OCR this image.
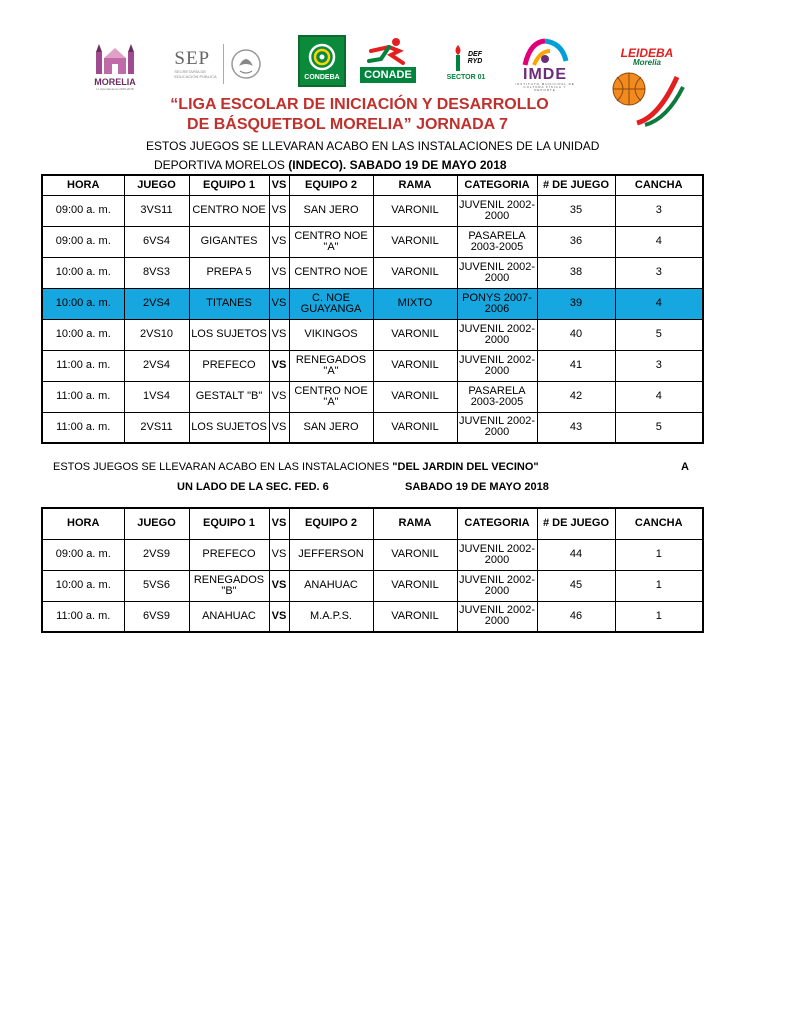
MORELIA
H. Ayuntamiento 2015-2018
SEP
SECRETARÍA DE
EDUCACIÓN PÚBLICA	CONDEBA	CONADE
DEF
RYD
SECTOR 01 IMDE
INSTITUTO MUNICIPAL DE CULTURA FÍSICA Y DEPORTE
LEIDEBA
Morelia
“LIGA ESCOLAR DE INICIACIÓN Y DESARROLLO
DE BÁSQUETBOL MORELIA” JORNADA 7
ESTOS JUEGOS SE LLEVARAN ACABO EN LAS INSTALACIONES DE LA UNIDAD
DEPORTIVA MORELOS (INDECO). SABADO 19 DE MAYO 2018
HORA	JUEGO	EQUIPO 1	VS	EQUIPO 2	RAMA	CATEGORIA	# DE JUEGO	CANCHA
09:00 a. m.	3VS11	CENTRO NOE	VS	SAN JERO	VARONIL	JUVENIL 2002-2000	35	3
09:00 a. m.	6VS4	GIGANTES	VS	CENTRO NOE "A"	VARONIL	PASARELA 2003-2005	36	4
10:00 a. m.	8VS3	PREPA 5	VS	CENTRO NOE	VARONIL	JUVENIL 2002-2000	38	3
10:00 a. m.	2VS4	TITANES	VS	C. NOE GUAYANGA	MIXTO	PONYS 2007-2006	39	4
10:00 a. m.	2VS10	LOS SUJETOS	VS	VIKINGOS	VARONIL	JUVENIL 2002-2000	40	5
11:00 a. m.	2VS4	PREFECO	VS	RENEGADOS "A"	VARONIL	JUVENIL 2002-2000	41	3
11:00 a. m.	1VS4	GESTALT "B"	VS	CENTRO NOE "A"	VARONIL	PASARELA 2003-2005	42	4
11:00 a. m.	2VS11	LOS SUJETOS	VS	SAN JERO	VARONIL	JUVENIL 2002-2000	43	5
ESTOS JUEGOS SE LLEVARAN ACABO EN LAS INSTALACIONES "DEL JARDIN DEL VECINO"	A
UN LADO DE LA SEC. FED. 6	SABADO 19 DE MAYO 2018
HORA	JUEGO	EQUIPO 1	VS	EQUIPO 2	RAMA	CATEGORIA	# DE JUEGO	CANCHA
09:00 a. m.	2VS9	PREFECO	VS	JEFFERSON	VARONIL	JUVENIL 2002-2000	44	1
10:00 a. m.	5VS6	RENEGADOS "B"	VS	ANAHUAC	VARONIL	JUVENIL 2002-2000	45	1
11:00 a. m.	6VS9	ANAHUAC	VS	M.A.P.S.	VARONIL	JUVENIL 2002-2000	46	1
